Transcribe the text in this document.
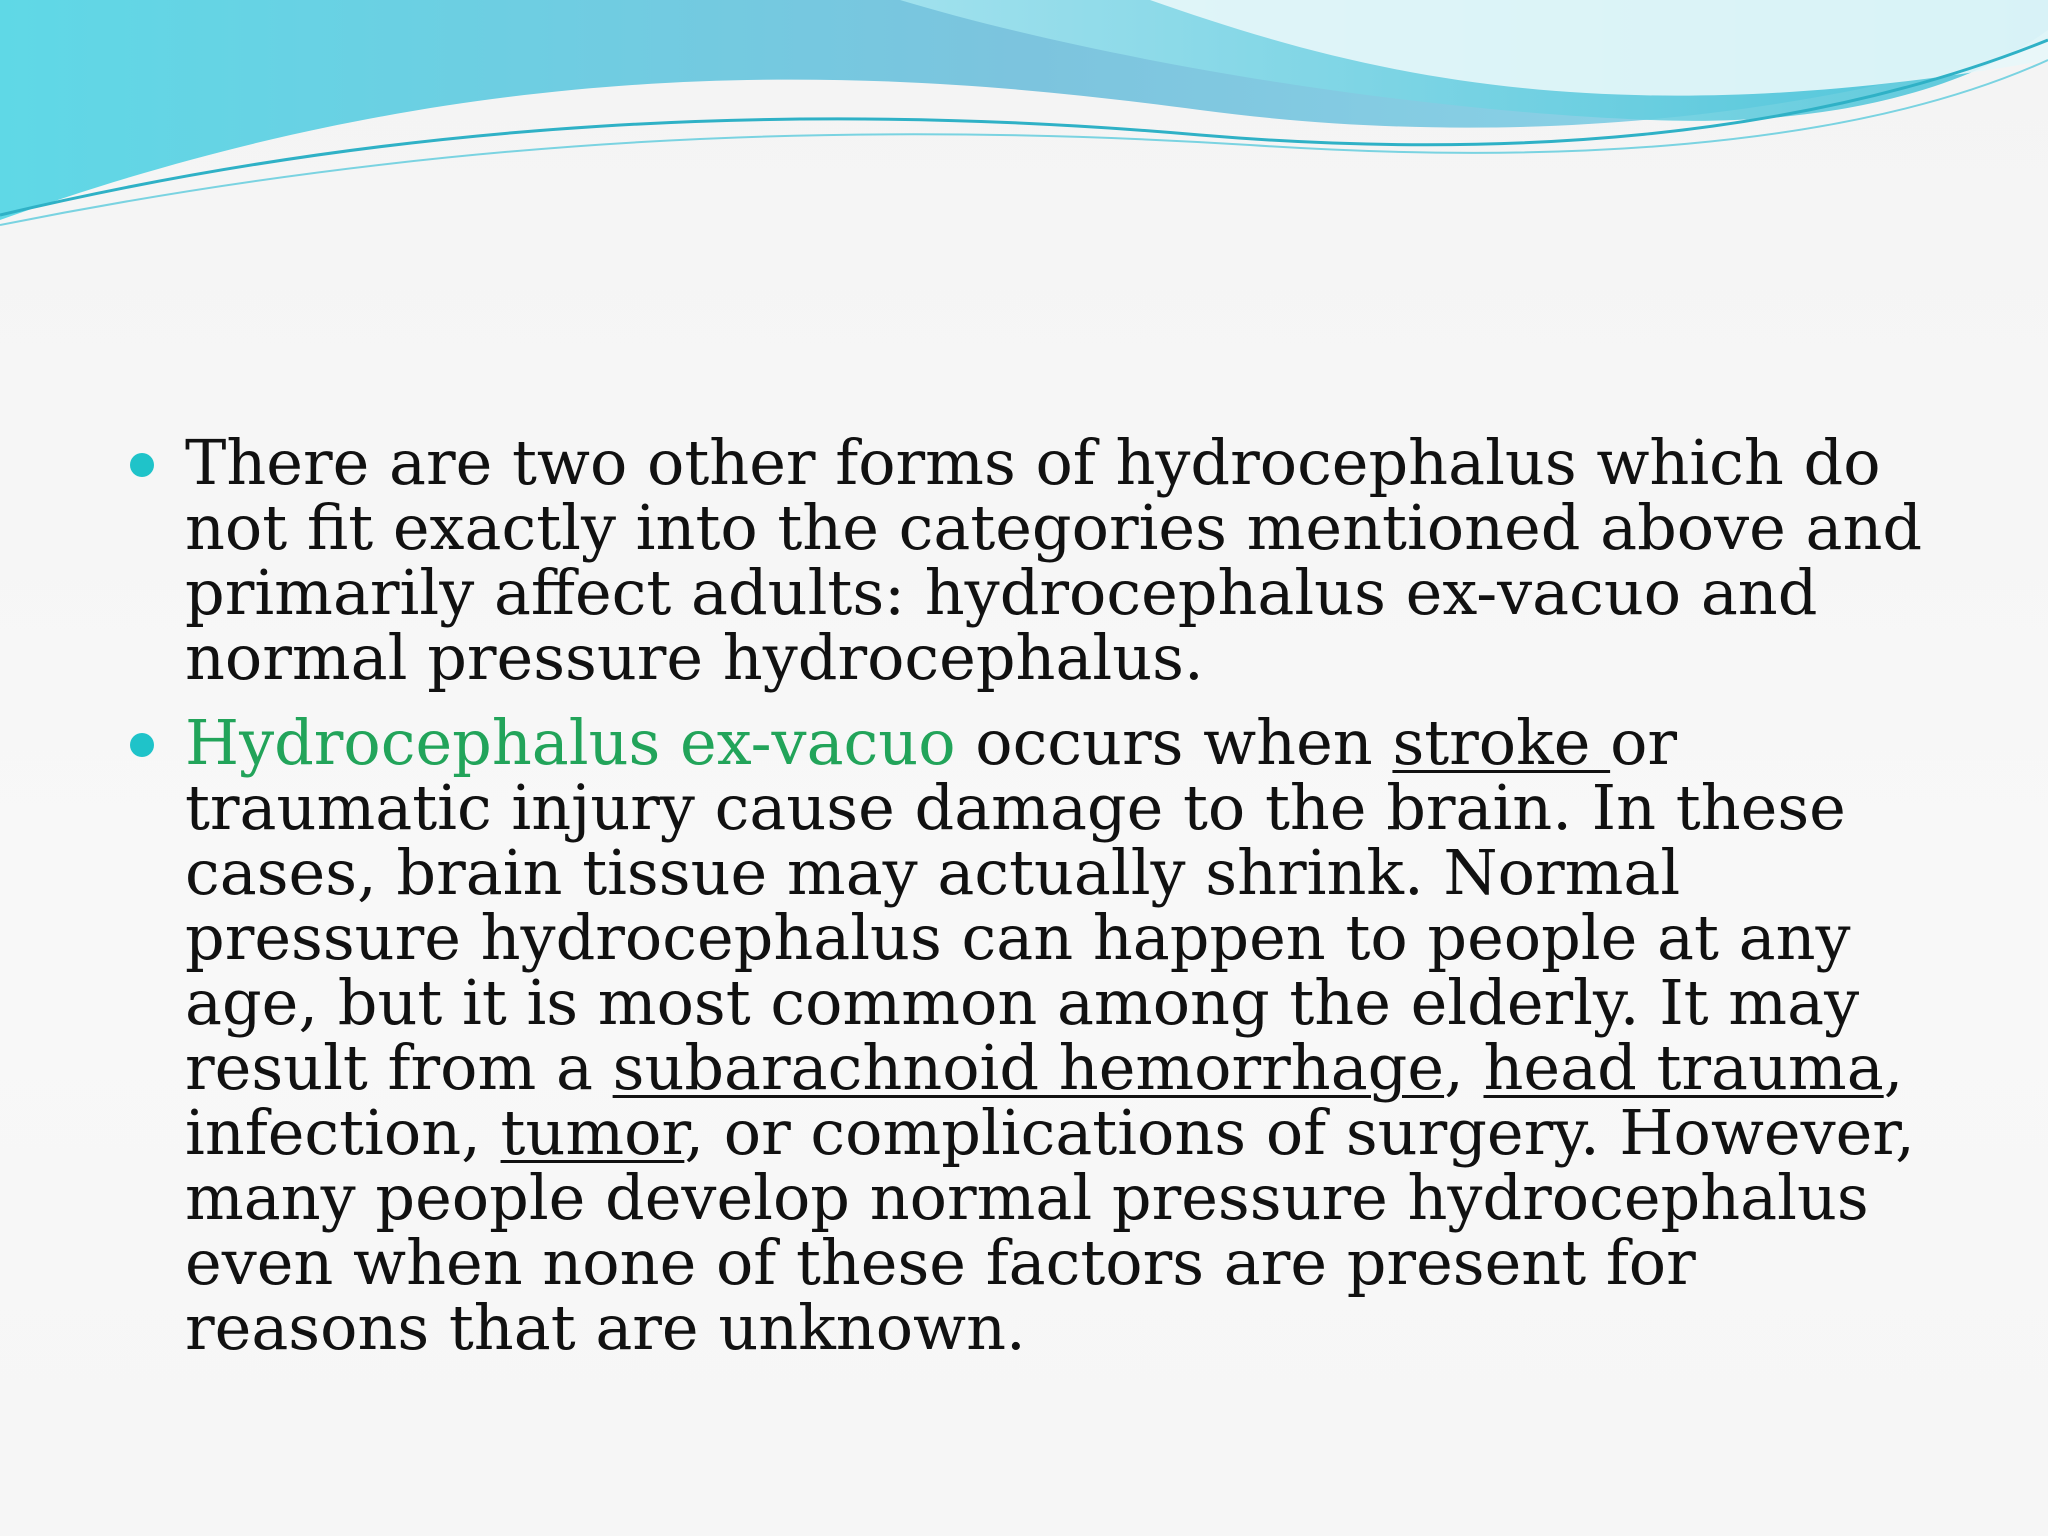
There are two other forms of hydrocephalus which do not fit exactly into the categories mentioned above and primarily affect adults: hydrocephalus ex-vacuo and normal pressure hydrocephalus.
Hydrocephalus ex-vacuo occurs when stroke or traumatic injury cause damage to the brain. In these cases, brain tissue may actually shrink. Normal pressure hydrocephalus can happen to people at any age, but it is most common among the elderly. It may result from a subarachnoid hemorrhage, head trauma, infection, tumor, or complications of surgery. However, many people develop normal pressure hydrocephalus even when none of these factors are present for reasons that are unknown.
